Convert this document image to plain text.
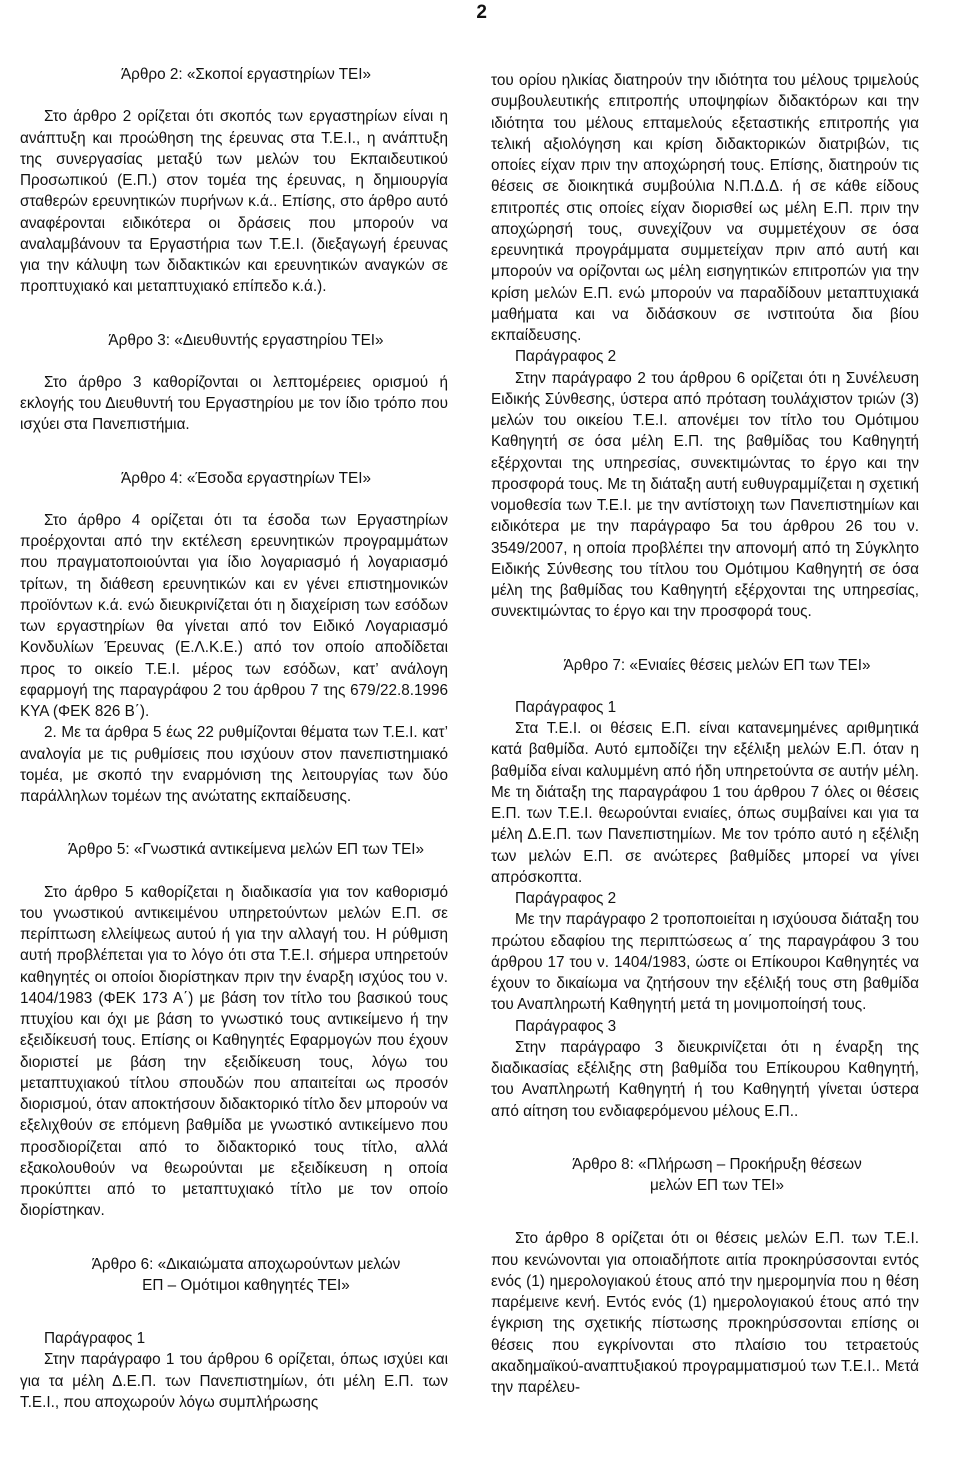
2

Άρθρο 2: «Σκοποί εργαστηρίων ΤΕΙ»

Στο άρθρο 2 ορίζεται ότι σκοπός των εργαστηρίων είναι η ανάπτυξη και προώθηση της έρευνας στα Τ.Ε.Ι., η ανάπτυξη της συνεργασίας μεταξύ των μελών του Εκπαιδευτικού Προσωπικού (Ε.Π.) στον τομέα της έρευνας, η δημιουργία σταθερών ερευνητικών πυρήνων κ.ά.. Επίσης, στο άρθρο αυτό αναφέρονται ειδικότερα οι δράσεις που μπορούν να αναλαμβάνουν τα Εργαστήρια των Τ.Ε.Ι. (διεξαγωγή έρευνας για την κάλυψη των διδακτικών και ερευνητικών αναγκών σε προπτυχιακό και μεταπτυχιακό επίπεδο κ.ά.).

Άρθρο 3: «Διευθυντής εργαστηρίου ΤΕΙ»

Στο άρθρο 3 καθορίζονται οι λεπτομέρειες ορισμού ή εκλογής του Διευθυντή του Εργαστηρίου με τον ίδιο τρόπο που ισχύει στα Πανεπιστήμια.

Άρθρο 4: «Έσοδα εργαστηρίων ΤΕΙ»

Στο άρθρο 4 ορίζεται ότι τα έσοδα των Εργαστηρίων προέρχονται από την εκτέλεση ερευνητικών προγραμμάτων που πραγματοποιούνται για ίδιο λογαριασμό ή λογαριασμό τρίτων, τη διάθεση ερευνητικών και εν γένει επιστημονικών προϊόντων κ.ά. ενώ διευκρινίζεται ότι η διαχείριση των εσόδων των εργαστηρίων θα γίνεται από τον Ειδικό Λογαριασμό Κονδυλίων Έρευνας (Ε.Λ.Κ.Ε.) από τον οποίο αποδίδεται προς το οικείο Τ.Ε.Ι. μέρος των εσόδων, κατ’ ανάλογη εφαρμογή της παραγράφου 2 του άρθρου 7 της 679/22.8.1996 ΚΥΑ (ΦΕΚ 826 Β΄).

2. Με τα άρθρα 5 έως 22 ρυθμίζονται θέματα των Τ.Ε.Ι. κατ’ αναλογία με τις ρυθμίσεις που ισχύουν στον πανεπιστημιακό τομέα, με σκοπό την εναρμόνιση της λειτουργίας των δύο παράλληλων τομέων της ανώτατης εκπαίδευσης.

Άρθρο 5: «Γνωστικά αντικείμενα μελών ΕΠ των ΤΕΙ»

Στο άρθρο 5 καθορίζεται η διαδικασία για τον καθορισμό του γνωστικού αντικειμένου υπηρετούντων μελών Ε.Π. σε περίπτωση ελλείψεως αυτού ή για την αλλαγή του. Η ρύθμιση αυτή προβλέπεται για το λόγο ότι στα Τ.Ε.Ι. σήμερα υπηρετούν καθηγητές οι οποίοι διορίστηκαν πριν την έναρξη ισχύος του ν. 1404/1983 (ΦΕΚ 173 Α΄) με βάση τον τίτλο του βασικού τους πτυχίου και όχι με βάση το γνωστικό τους αντικείμενο ή την εξειδίκευσή τους. Επίσης οι Καθηγητές Εφαρμογών που έχουν διοριστεί με βάση την εξειδίκευση τους, λόγω του μεταπτυχιακού τίτλου σπουδών που απαιτείται ως προσόν διορισμού, όταν αποκτήσουν διδακτορικό τίτλο δεν μπορούν να εξελιχθούν σε επόμενη βαθμίδα με γνωστικό αντικείμενο που προσδιορίζεται από το διδακτορικό τους τίτλο, αλλά εξακολουθούν να θεωρούνται με εξειδίκευση η οποία προκύπτει από το μεταπτυχιακό τίτλο με τον οποίο διορίστηκαν.

Άρθρο 6: «Δικαιώματα αποχωρούντων μελών

ΕΠ – Ομότιμοι καθηγητές ΤΕΙ»

Παράγραφος 1

Στην παράγραφο 1 του άρθρου 6 ορίζεται, όπως ισχύει και για τα μέλη Δ.Ε.Π. των Πανεπιστημίων, ότι μέλη Ε.Π. των Τ.Ε.Ι., που αποχωρούν λόγω συμπλήρωσης

του ορίου ηλικίας διατηρούν την ιδιότητα του μέλους τριμελούς συμβουλευτικής επιτροπής υποψηφίων διδακτόρων και την ιδιότητα του μέλους επταμελούς εξεταστικής επιτροπής για τελική αξιολόγηση και κρίση διδακτορικών διατριβών, τις οποίες είχαν πριν την αποχώρησή τους. Επίσης, διατηρούν τις θέσεις σε διοικητικά συμβούλια Ν.Π.Δ.Δ. ή σε κάθε είδους επιτροπές στις οποίες είχαν διορισθεί ως μέλη Ε.Π. πριν την αποχώρησή τους, συνεχίζουν να συμμετέχουν σε όσα ερευνητικά προγράμματα συμμετείχαν πριν από αυτή και μπορούν να ορίζονται ως μέλη εισηγητικών επιτροπών για την κρίση μελών Ε.Π. ενώ μπορούν να παραδίδουν μεταπτυχιακά μαθήματα και να διδάσκουν σε ινστιτούτα δια βίου εκπαίδευσης.

Παράγραφος 2

Στην παράγραφο 2 του άρθρου 6 ορίζεται ότι η Συνέλευση Ειδικής Σύνθεσης, ύστερα από πρόταση τουλάχιστον τριών (3) μελών του οικείου Τ.Ε.Ι. απονέμει τον τίτλο του Ομότιμου Καθηγητή σε όσα μέλη Ε.Π. της βαθμίδας του Καθηγητή εξέρχονται της υπηρεσίας, συνεκτιμώντας το έργο και την προσφορά τους. Με τη διάταξη αυτή ευθυγραμμίζεται η σχετική νομοθεσία των Τ.Ε.Ι. με την αντίστοιχη των Πανεπιστημίων και ειδικότερα με την παράγραφο 5α του άρθρου 26 του ν. 3549/2007, η οποία προβλέπει την απονομή από τη Σύγκλητο Ειδικής Σύνθεσης του τίτλου του Ομότιμου Καθηγητή σε όσα μέλη της βαθμίδας του Καθηγητή εξέρχονται της υπηρεσίας, συνεκτιμώντας το έργο και την προσφορά τους.

Άρθρο 7: «Ενιαίες θέσεις μελών ΕΠ των ΤΕΙ»

Παράγραφος 1

Στα Τ.Ε.Ι. οι θέσεις Ε.Π. είναι κατανεμημένες αριθμητικά κατά βαθμίδα. Αυτό εμποδίζει την εξέλιξη μελών Ε.Π. όταν η βαθμίδα είναι καλυμμένη από ήδη υπηρετούντα σε αυτήν μέλη. Με τη διάταξη της παραγράφου 1 του άρθρου 7 όλες οι θέσεις Ε.Π. των Τ.Ε.Ι. θεωρούνται ενιαίες, όπως συμβαίνει και για τα μέλη Δ.Ε.Π. των Πανεπιστημίων. Με τον τρόπο αυτό η εξέλιξη των μελών Ε.Π. σε ανώτερες βαθμίδες μπορεί να γίνει απρόσκοπτα.

Παράγραφος 2

Με την παράγραφο 2 τροποποιείται η ισχύουσα διάταξη του πρώτου εδαφίου της περιπτώσεως α΄ της παραγράφου 3 του άρθρου 17 του ν. 1404/1983, ώστε οι Επίκουροι Καθηγητές να έχουν το δικαίωμα να ζητήσουν την εξέλιξή τους στη βαθμίδα του Αναπληρωτή Καθηγητή μετά τη μονιμοποίησή τους.

Παράγραφος 3

Στην παράγραφο 3 διευκρινίζεται ότι η έναρξη της διαδικασίας εξέλιξης στη βαθμίδα του Επίκουρου Καθηγητή, του Αναπληρωτή Καθηγητή ή του Καθηγητή γίνεται ύστερα από αίτηση του ενδιαφερόμενου μέλους Ε.Π..

Άρθρο 8: «Πλήρωση – Προκήρυξη θέσεων

μελών ΕΠ των ΤΕΙ»

Στο άρθρο 8 ορίζεται ότι οι θέσεις μελών Ε.Π. των Τ.Ε.Ι. που κενώνονται για οποιαδήποτε αιτία προκηρύσσονται εντός ενός (1) ημερολογιακού έτους από την ημερομηνία που η θέση παρέμεινε κενή. Εντός ενός (1) ημερολογιακού έτους από την έγκριση της σχετικής πίστωσης προκηρύσσονται επίσης οι θέσεις που εγκρίνονται στο πλαίσιο του τετραετούς ακαδημαϊκού-αναπτυξιακού προγραμματισμού των Τ.Ε.Ι.. Μετά την παρέλευ-
